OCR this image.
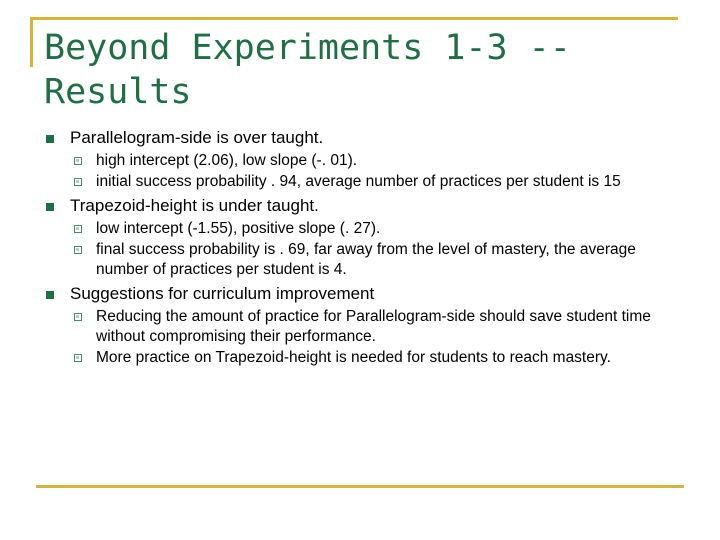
Beyond Experiments 1-3 -- Results
Parallelogram-side is over taught.
high intercept (2.06), low slope (-. 01).
initial success probability . 94, average number of practices per student is 15
Trapezoid-height is under taught.
low intercept (-1.55), positive slope (. 27).
final success probability is . 69, far away from the level of mastery, the average number of practices per student is 4.
Suggestions for curriculum improvement
Reducing the amount of practice for Parallelogram-side should save student time without compromising their performance.
More practice on Trapezoid-height is needed for students to reach mastery.
